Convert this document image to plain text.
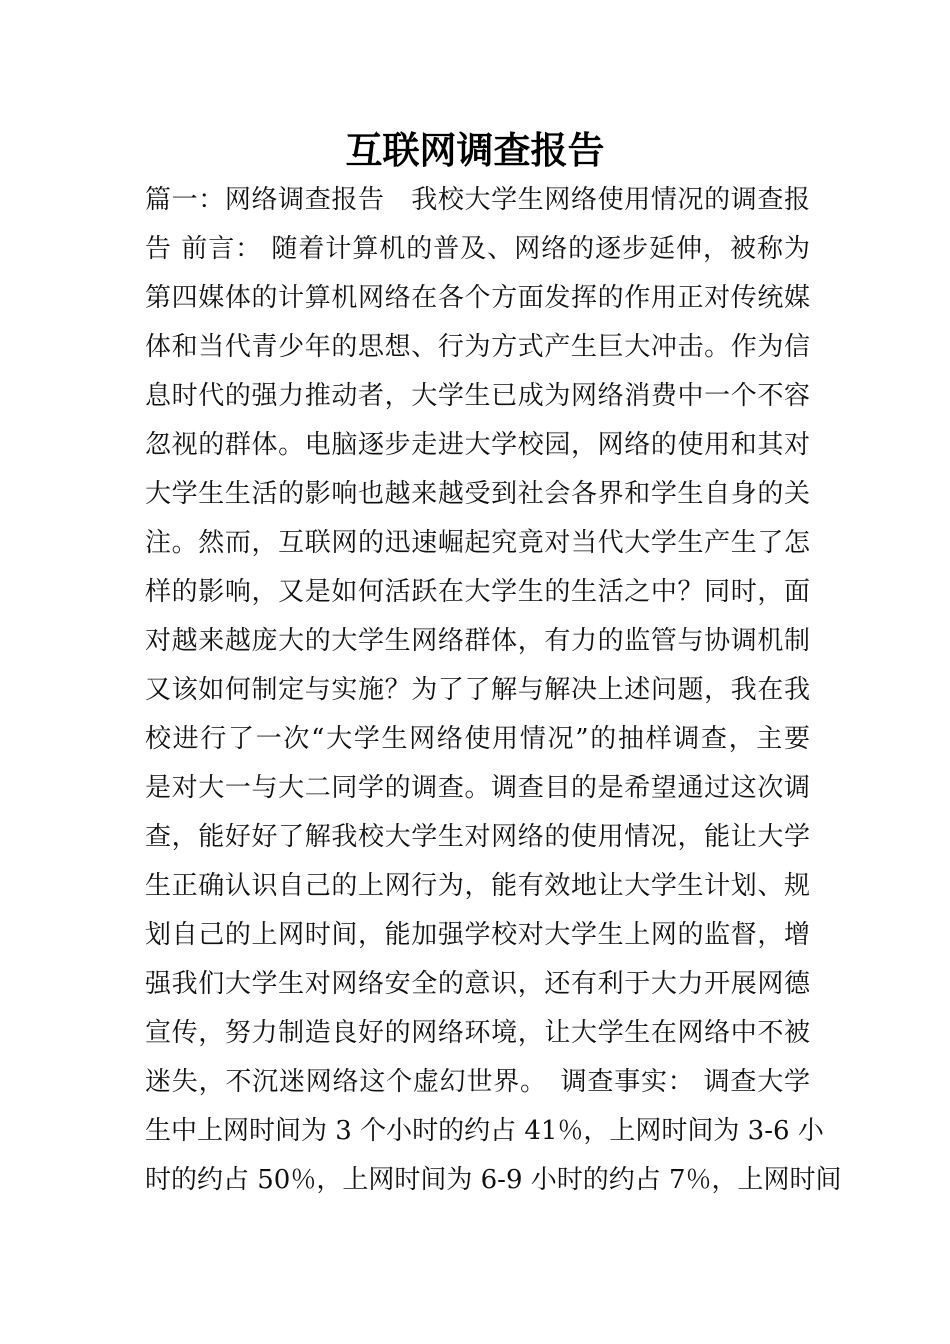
互联网调查报告
篇一：网络调查报告　我校大学生网络使用情况的调查报
告 前言： 随着计算机的普及、网络的逐步延伸，被称为
第四媒体的计算机网络在各个方面发挥的作用正对传统媒
体和当代青少年的思想、行为方式产生巨大冲击。作为信
息时代的强力推动者，大学生已成为网络消费中一个不容
忽视的群体。电脑逐步走进大学校园，网络的使用和其对
大学生生活的影响也越来越受到社会各界和学生自身的关
注。然而，互联网的迅速崛起究竟对当代大学生产生了怎
样的影响，又是如何活跃在大学生的生活之中？同时，面
对越来越庞大的大学生网络群体，有力的监管与协调机制
又该如何制定与实施？为了了解与解决上述问题，我在我
校进行了一次“大学生网络使用情况”的抽样调查，主要
是对大一与大二同学的调查。调查目的是希望通过这次调
查，能好好了解我校大学生对网络的使用情况，能让大学
生正确认识自己的上网行为，能有效地让大学生计划、规
划自己的上网时间，能加强学校对大学生上网的监督，增
强我们大学生对网络安全的意识，还有利于大力开展网德
宣传，努力制造良好的网络环境，让大学生在网络中不被
迷失，不沉迷网络这个虚幻世界。　调查事实： 调查大学
生中上网时间为 3 个小时的约占 41％，上网时间为 3-6 小
时的约占 50％，上网时间为 6-9 小时的约占 7％，上网时间
